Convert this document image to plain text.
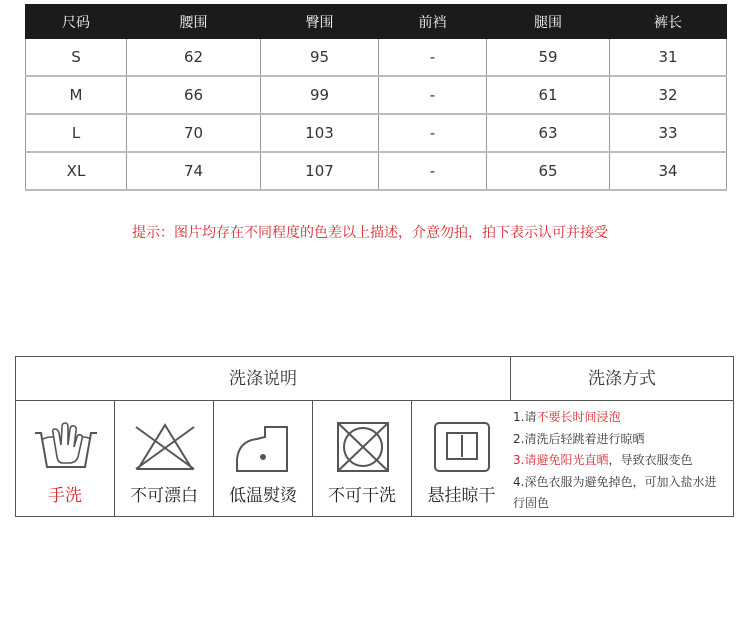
尺码	腰围	臀围	前裆	腿围	裤长
S	62	95	-	59	31
M	66	99	-	61	32
L	70	103	-	63	33
XL	74	107	-	65	34
提示：图片均存在不同程度的色差以上描述，介意勿拍，拍下表示认可并接受
洗涤说明	洗涤方式
手洗	不可漂白	低温熨烫	不可干洗	悬挂晾干

1.请不要长时间浸泡

2.清洗后轻跳着进行晾晒

3.请避免阳光直晒，导致衣服变色

4.深色衣服为避免掉色，可加入盐水进行固色
